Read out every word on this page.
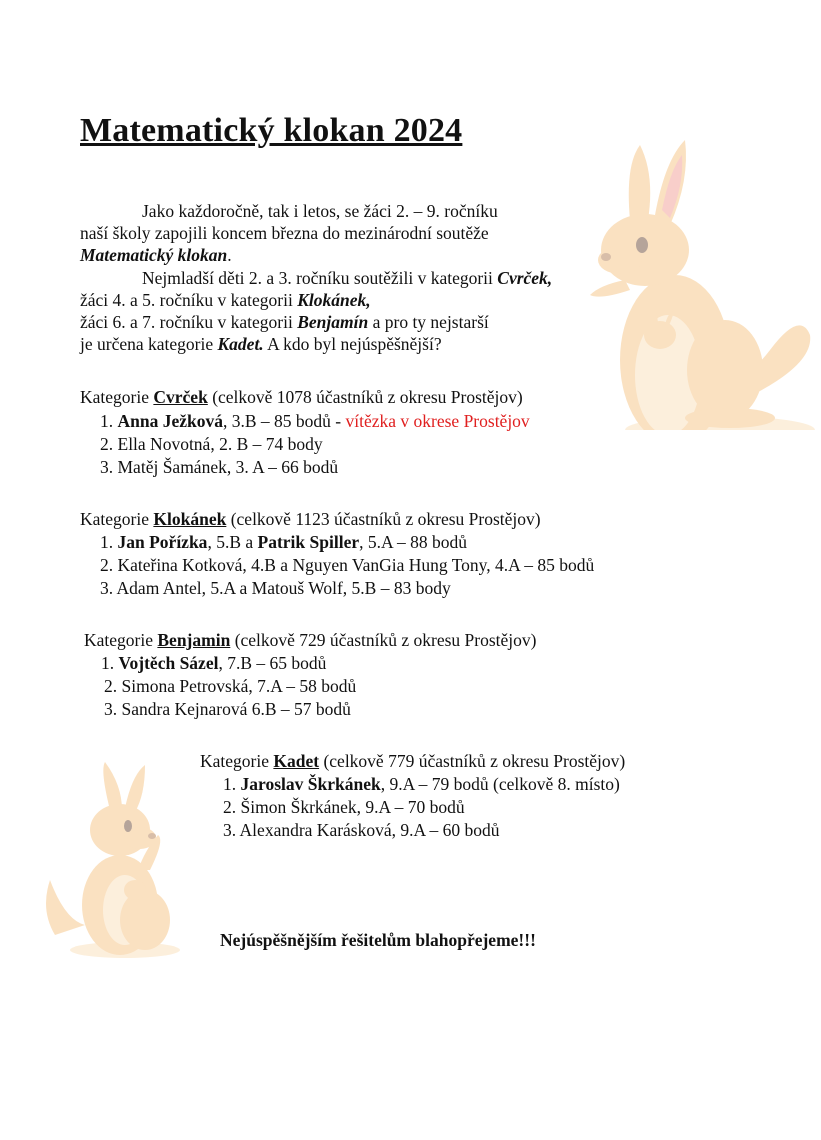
Matematický klokan 2024
Jako každoročně, tak i letos, se žáci 2. – 9. ročníku
naší školy zapojili koncem března do mezinárodní soutěže
Matematický klokan.
Nejmladší děti 2. a 3. ročníku soutěžili v kategorii Cvrček,
žáci 4. a 5. ročníku v kategorii Klokánek,
žáci 6. a 7. ročníku v kategorii Benjamín a pro ty nejstarší
je určena kategorie Kadet. A kdo byl nejúspěšnější?
Kategorie Cvrček (celkově 1078 účastníků z okresu Prostějov)
1. Anna Ježková, 3.B – 85 bodů - vítězka v okrese Prostějov
2. Ella Novotná, 2. B – 74 body
3. Matěj Šamánek, 3. A – 66 bodů
Kategorie Klokánek (celkově 1123 účastníků z okresu Prostějov)
1. Jan Pořízka, 5.B a Patrik Spiller, 5.A – 88 bodů
2. Kateřina Kotková, 4.B a Nguyen VanGia Hung Tony, 4.A – 85 bodů
3. Adam Antel, 5.A a Matouš Wolf, 5.B – 83 body
Kategorie Benjamin (celkově 729 účastníků z okresu Prostějov)
1. Vojtěch Sázel, 7.B – 65 bodů
2. Simona Petrovská, 7.A – 58 bodů
3. Sandra Kejnarová 6.B – 57 bodů
Kategorie Kadet (celkově 779 účastníků z okresu Prostějov)
1. Jaroslav Škrkánek, 9.A – 79 bodů (celkově 8. místo)
2. Šimon Škrkánek, 9.A – 70 bodů
3. Alexandra Karásková, 9.A – 60 bodů
Nejúspěšnějším řešitelům blahopřejeme!!!
